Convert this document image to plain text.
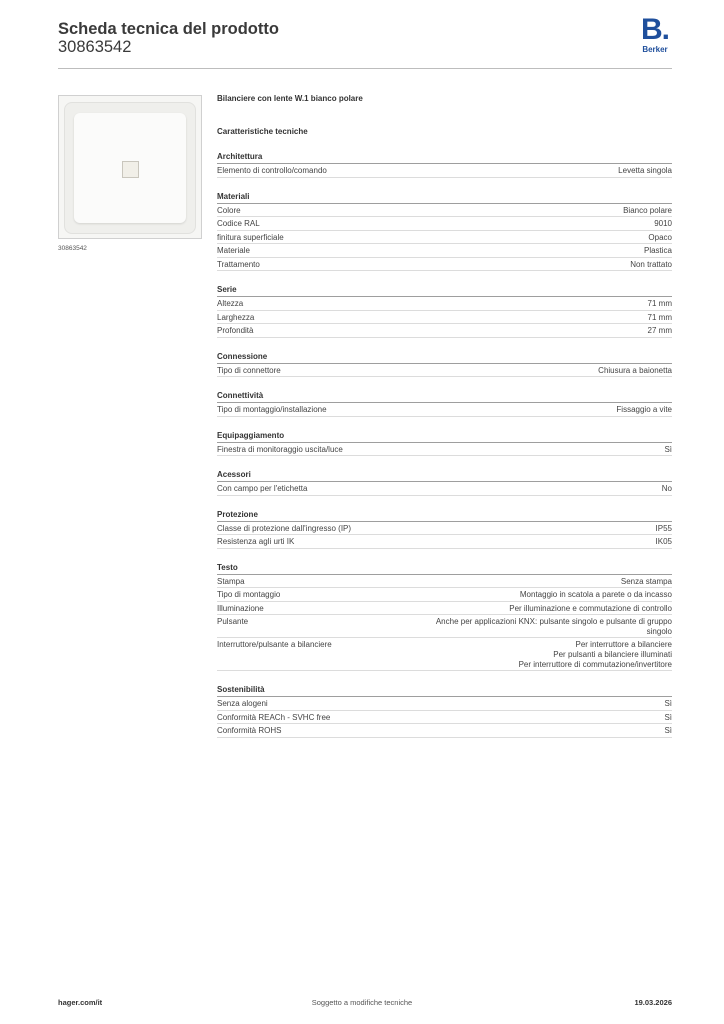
Scheda tecnica del prodotto
30863542
B.
Berker
30863542
Bilanciere con lente W.1 bianco polare
Caratteristiche tecniche
Architettura
Elemento di controllo/comando	Levetta singola
Materiali
Colore	Bianco polare
Codice RAL	9010
finitura superficiale	Opaco
Materiale	Plastica
Trattamento	Non trattato
Serie
Altezza	71 mm
Larghezza	71 mm
Profondità	27 mm
Connessione
Tipo di connettore	Chiusura a baionetta
Connettività
Tipo di montaggio/installazione	Fissaggio a vite
Equipaggiamento
Finestra di monitoraggio uscita/luce	Sì
Acessori
Con campo per l'etichetta	No
Protezione
Classe di protezione dall'ingresso (IP)	IP55
Resistenza agli urti IK	IK05
Testo
Stampa	Senza stampa
Tipo di montaggio	Montaggio in scatola a parete o da incasso
Illuminazione	Per illuminazione e commutazione di controllo
Pulsante	Anche per applicazioni KNX: pulsante singolo e pulsante di gruppo
singolo
Interruttore/pulsante a bilanciere	Per interruttore a bilanciere
Per pulsanti a bilanciere illuminati
Per interruttore di commutazione/invertitore
Sostenibilità
Senza alogeni	Sì
Conformità REACh - SVHC free	Sì
Conformità ROHS	Sì
hager.com/it	Soggetto a modifiche tecniche	19.03.2026
